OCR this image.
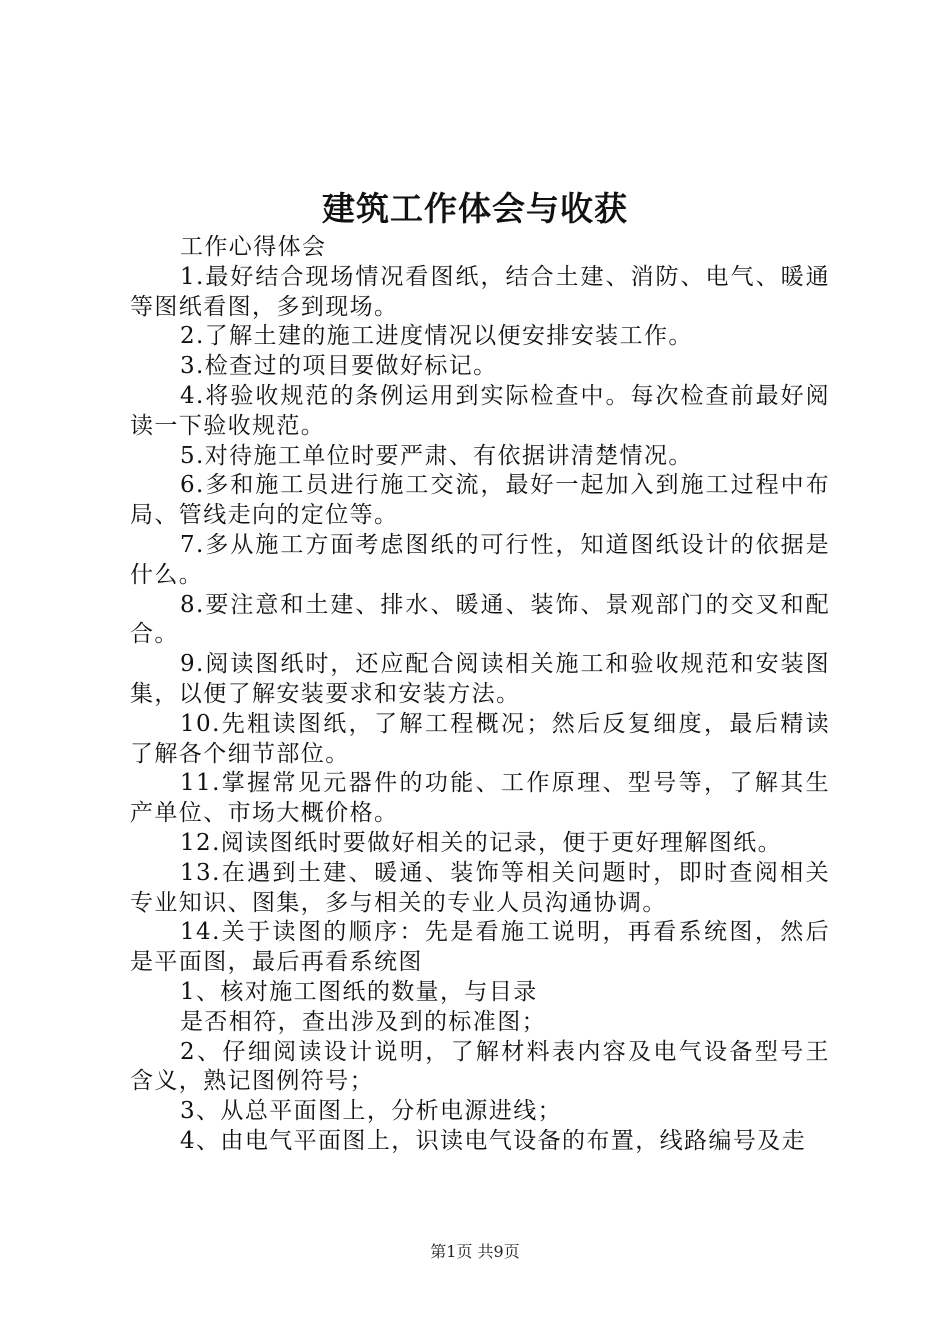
建筑工作体会与收获

工作心得体会

1.最好结合现场情况看图纸，结合土建、消防、电气、暖通等图纸看图，多到现场。

2.了解土建的施工进度情况以便安排安装工作。

3.检查过的项目要做好标记。

4.将验收规范的条例运用到实际检查中。每次检查前最好阅读一下验收规范。

5.对待施工单位时要严肃、有依据讲清楚情况。

6.多和施工员进行施工交流，最好一起加入到施工过程中布局、管线走向的定位等。

7.多从施工方面考虑图纸的可行性，知道图纸设计的依据是什么。

8.要注意和土建、排水、暖通、装饰、景观部门的交叉和配合。

9.阅读图纸时，还应配合阅读相关施工和验收规范和安装图集，以便了解安装要求和安装方法。

10.先粗读图纸，了解工程概况；然后反复细度，最后精读了解各个细节部位。

11.掌握常见元器件的功能、工作原理、型号等，了解其生产单位、市场大概价格。

12.阅读图纸时要做好相关的记录，便于更好理解图纸。

13.在遇到土建、暖通、装饰等相关问题时，即时查阅相关专业知识、图集，多与相关的专业人员沟通协调。

14.关于读图的顺序：先是看施工说明，再看系统图，然后是平面图，最后再看系统图

1、核对施工图纸的数量，与目录

是否相符，查出涉及到的标准图；

2、仔细阅读设计说明，了解材料表内容及电气设备型号王含义，熟记图例符号；

3、从总平面图上，分析电源进线；

4、由电气平面图上，识读电气设备的布置，线路编号及走

第1页 共9页
